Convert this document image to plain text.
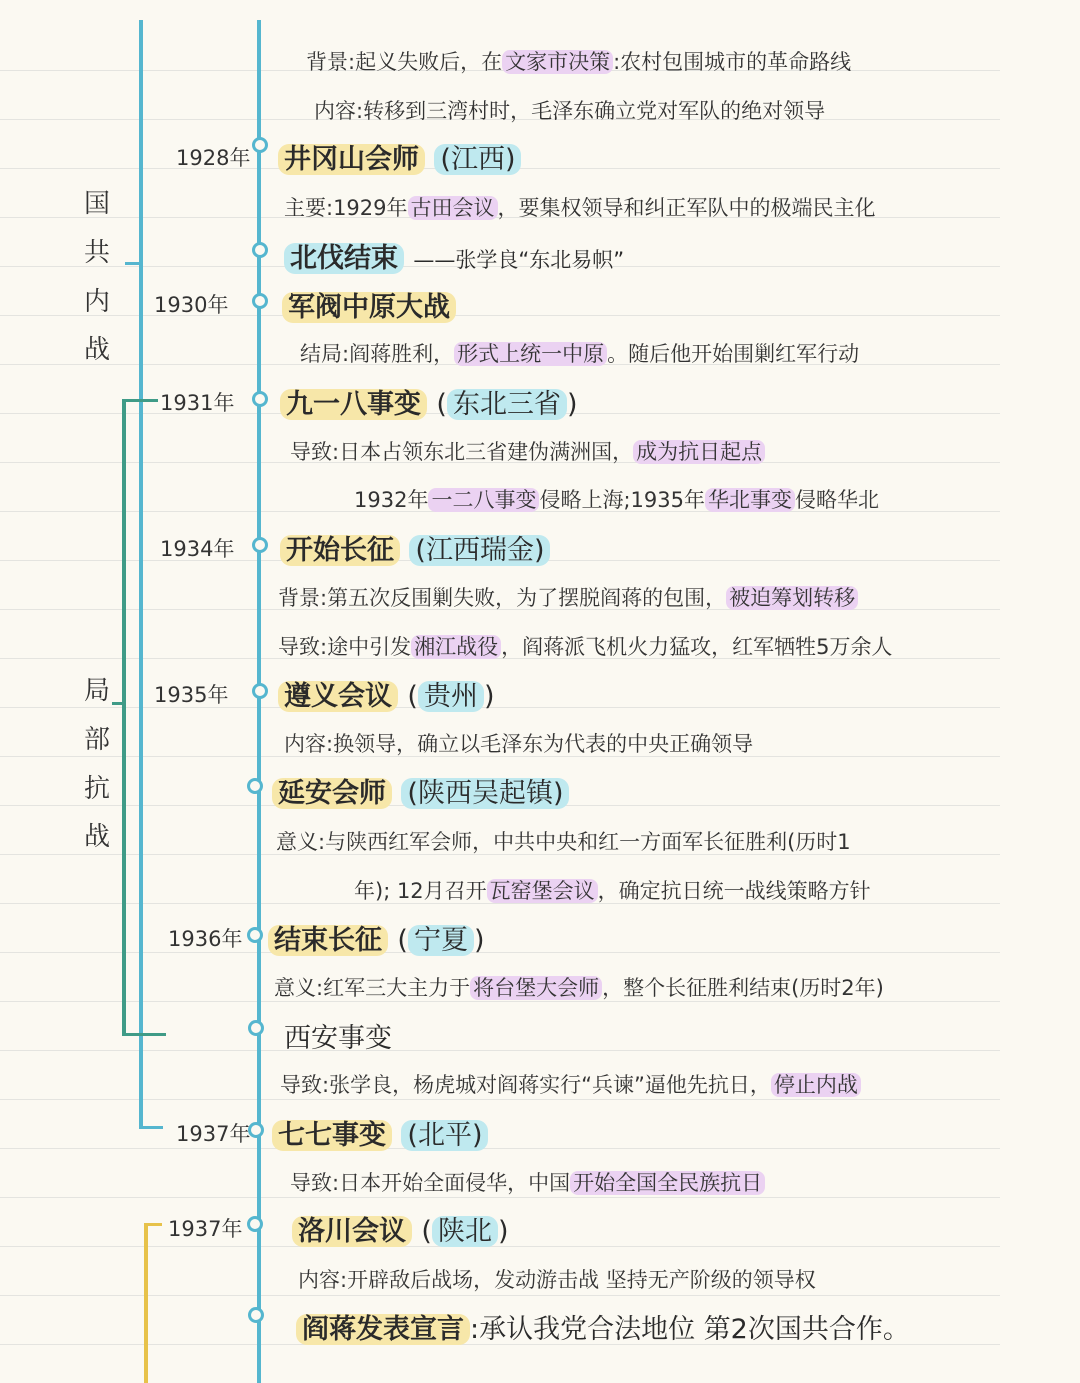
国
共
内
战
局
部
抗
战
1928年
1930年
1931年
1934年
1935年
1936年
1937年
1937年
背景:起义失败后，在 文家市决策 :农村包围城市的革命路线
内容:转移到三湾村时，毛泽东确立党对军队的绝对领导
井冈山会师 (江西)
主要:1929年 古田会议 ，要集权领导和纠正军队中的极端民主化
北伐结束 ——张学良“东北易帜”
军阀中原大战
结局:阎蒋胜利， 形式上统一中原 。随后他开始围剿红军行动
九一八事变 ( 东北三省 )
导致:日本占领东北三省建伪满洲国， 成为抗日起点
1932年 一二八事变 侵略上海;1935年 华北事变 侵略华北
开始长征 (江西瑞金)
背景:第五次反围剿失败，为了摆脱阎蒋的包围， 被迫筹划转移
导致:途中引发 湘江战役 ，阎蒋派飞机火力猛攻，红军牺牲5万余人
遵义会议 ( 贵州 )
内容:换领导，确立以毛泽东为代表的中央正确领导
延安会师 (陕西吴起镇)
意义:与陕西红军会师，中共中央和红一方面军长征胜利(历时1
年); 12月召开 瓦窑堡会议 ，确定抗日统一战线策略方针
结束长征 ( 宁夏 )
意义:红军三大主力于 将台堡大会师 ，整个长征胜利结束(历时2年)
西安事变
导致:张学良，杨虎城对阎蒋实行“兵谏”逼他先抗日， 停止内战
七七事变 (北平)
导致:日本开始全面侵华，中国 开始全国全民族抗日
洛川会议 ( 陕北 )
内容:开辟敌后战场，发动游击战 坚持无产阶级的领导权
阎蒋发表宣言 :承认我党合法地位 第2次国共合作。
